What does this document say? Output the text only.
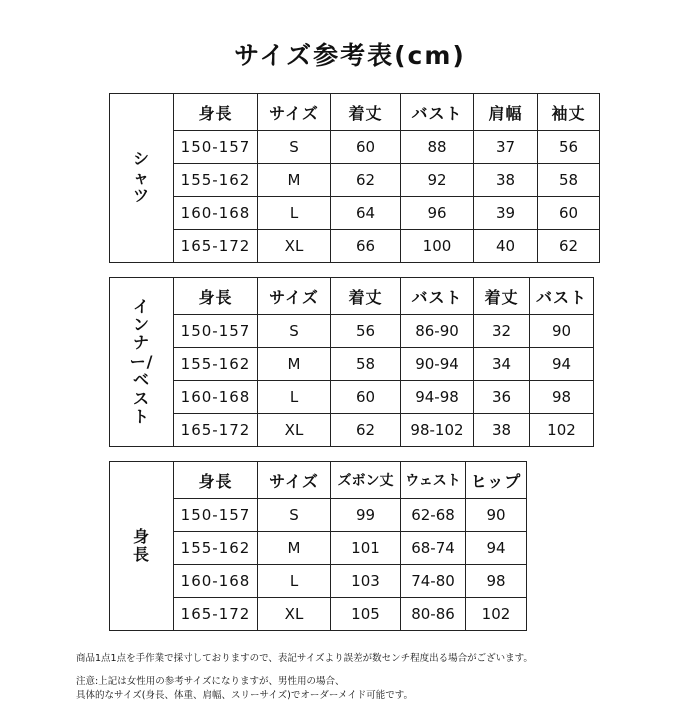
サイズ参考表(cm)
シャツ	身長	サイズ	着丈	バスト	肩幅	袖丈
	150-157	S	60	88	37	56
	155-162	M	62	92	38	58
	160-168	L	64	96	39	60
	165-172	XL	66	100	40	62
インナー/ベスト	身長	サイズ	着丈	バスト	着丈	バスト
	150-157	S	56	86-90	32	90
	155-162	M	58	90-94	34	94
	160-168	L	60	94-98	36	98
	165-172	XL	62	98-102	38	102
身長	身長	サイズ	ズボン丈	ウェスト	ヒップ
	150-157	S	99	62-68	90
	155-162	M	101	68-74	94
	160-168	L	103	74-80	98
	165-172	XL	105	80-86	102
商品1点1点を手作業で採寸しておりますので、表記サイズより誤差が数センチ程度出る場合がございます。
注意:上記は女性用の参考サイズになりますが、男性用の場合、
具体的なサイズ(身長、体重、肩幅、スリーサイズ)でオーダーメイド可能です。
